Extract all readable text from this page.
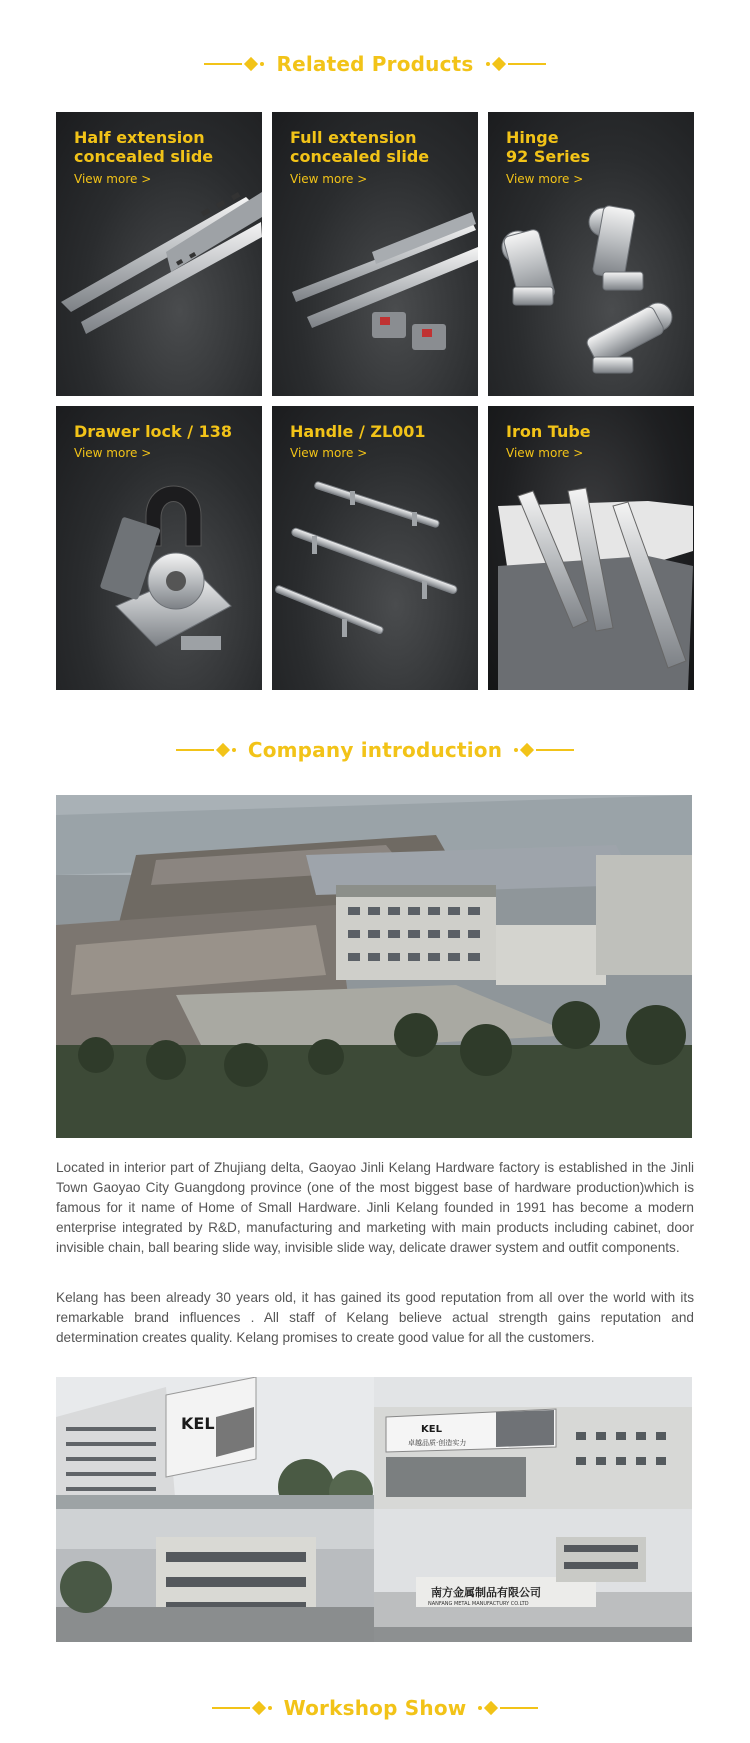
Related Products
Half extension
concealed slide
View more >
Full extension
concealed slide
View more >
Hinge
92 Series
View more >
Drawer lock / 138
View more >
Handle / ZL001
View more >
Iron Tube
View more >
Company introduction

Located in interior part of Zhujiang delta, Gaoyao Jinli Kelang Hardware factory is established in the Jinli Town Gaoyao City Guangdong province (one of the most biggest base of hardware production)which is famous for it name of Home of Small Hardware. Jinli Kelang founded in 1991 has become a modern enterprise integrated by R&D, manufacturing and marketing with main products including cabinet, door invisible chain, ball bearing slide way, invisible slide way, delicate drawer system and outfit components.

Kelang has been already 30 years old, it has gained its good reputation from all over the world with its remarkable brand influences . All staff of Kelang believe actual strength gains reputation and determination creates quality. Kelang promises to create good value for all the customers.

KEL	KEL
卓越品质·创造实力
南方金属制品有限公司
NANFANG METAL MANUFACTURY CO.LTD
Workshop Show
